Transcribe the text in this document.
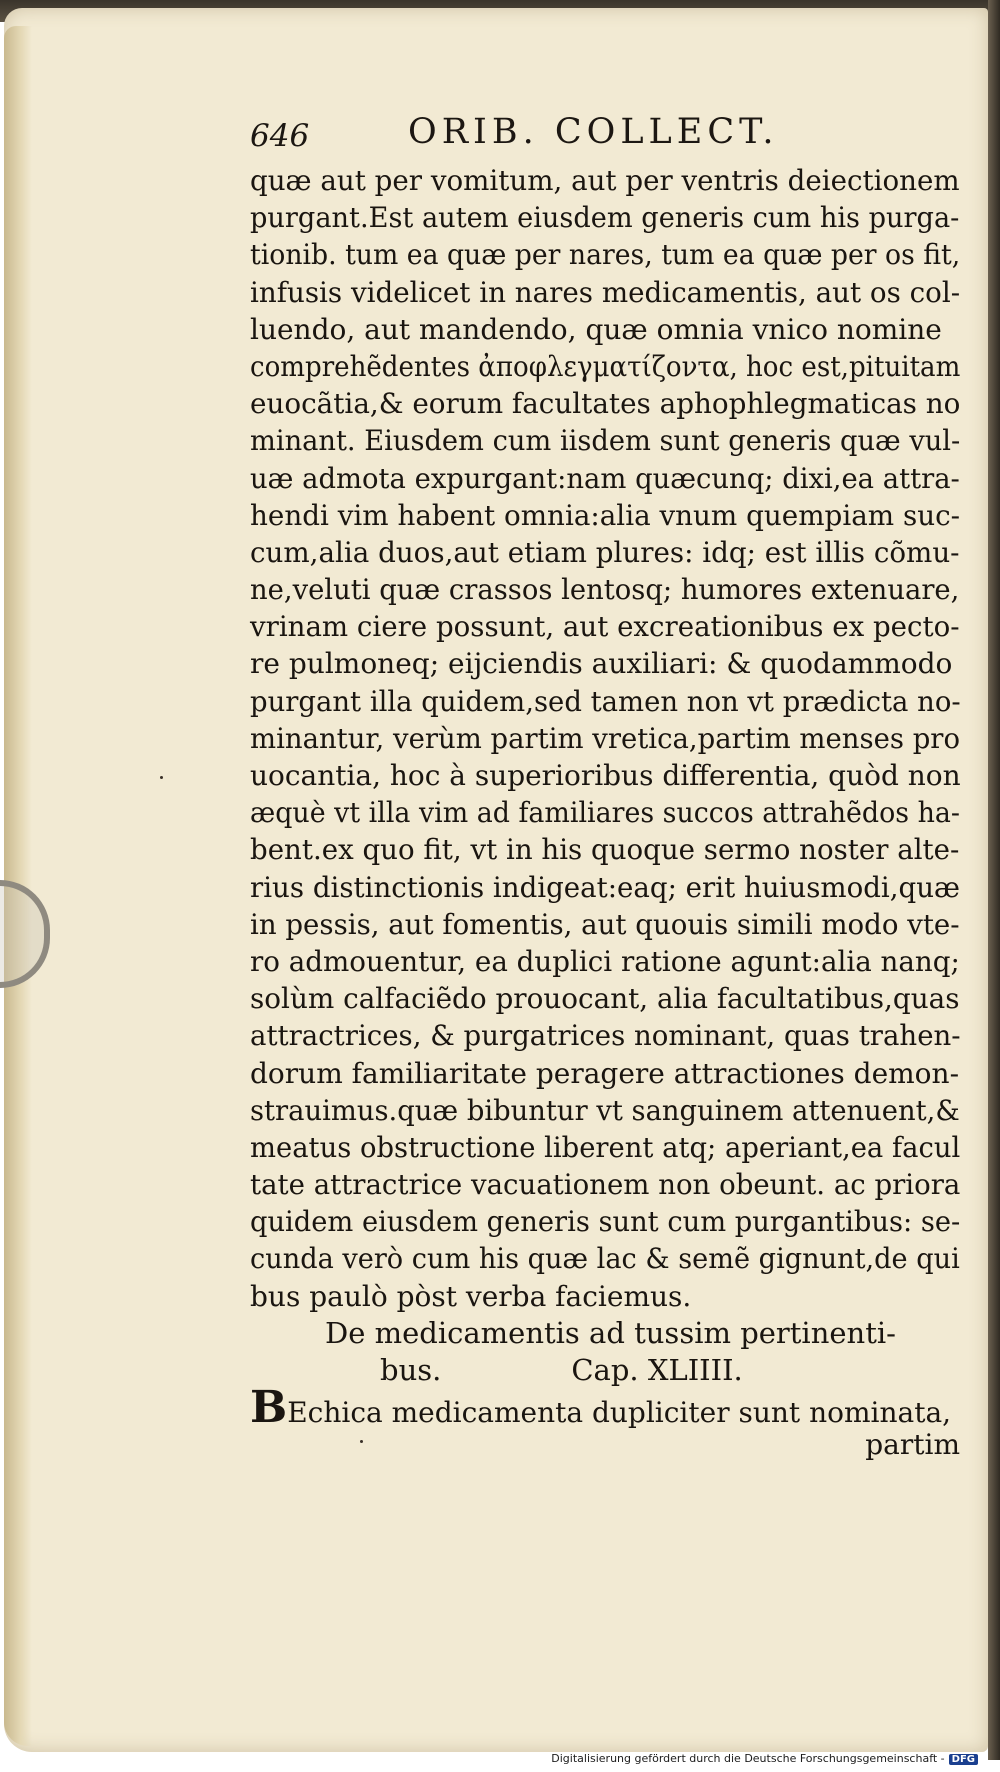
646	ORIB. COLLECT.
quæ aut per vomitum, aut per ventris deiectionem
purgant.Est autem eiusdem generis cum his purga-
tionib. tum ea quæ per nares, tum ea quæ per os fit,
infusis videlicet in nares medicamentis, aut os col-
luendo, aut mandendo, quæ omnia vnico nomine
comprehẽdentes ἀποφλεγματίζοντα, hoc est,pituitam
euocãtia,& eorum facultates aphophlegmaticas no
minant. Eiusdem cum iisdem sunt generis quæ vul-
uæ admota expurgant:nam quæcunq; dixi,ea attra-
hendi vim habent omnia:alia vnum quempiam suc-
cum,alia duos,aut etiam plures: idq; est illis cõmu-
ne,veluti quæ crassos lentosq; humores extenuare,
vrinam ciere possunt, aut excreationibus ex pecto-
re pulmoneq; eijciendis auxiliari: & quodammodo
purgant illa quidem,sed tamen non vt prædicta no-
minantur, verùm partim vretica,partim menses pro
uocantia, hoc à superioribus differentia, quòd non
æquè vt illa vim ad familiares succos attrahẽdos ha-
bent.ex quo fit, vt in his quoque sermo noster alte-
rius distinctionis indigeat:eaq; erit huiusmodi,quæ
in pessis, aut fomentis, aut quouis simili modo vte-
ro admouentur, ea duplici ratione agunt:alia nanq;
solùm calfaciẽdo prouocant, alia facultatibus,quas
attractrices, & purgatrices nominant, quas trahen-
dorum familiaritate peragere attractiones demon-
strauimus.quæ bibuntur vt sanguinem attenuent,&
meatus obstructione liberent atq; aperiant,ea facul
tate attractrice vacuationem non obeunt. ac priora
quidem eiusdem generis sunt cum purgantibus: se-
cunda verò cum his quæ lac & semẽ gignunt,de qui
bus paulò pòst verba faciemus.
De medicamentis ad tussim pertinenti-
bus.	Cap. XLIIII.
BEchica medicamenta dupliciter sunt nominata,
partim
Digitalisierung gefördert durch die Deutsche Forschungsgemeinschaft - DFG
